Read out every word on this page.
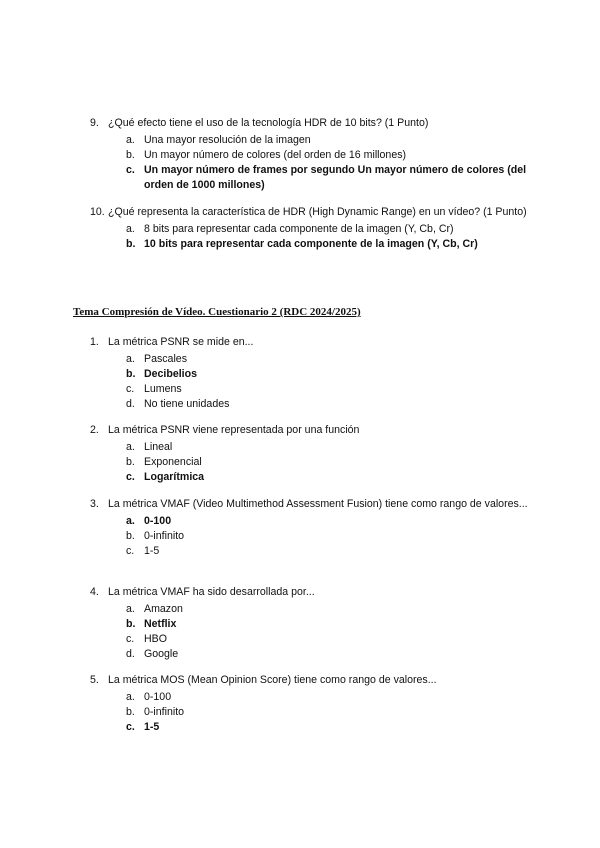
9. ¿Qué efecto tiene el uso de la tecnología HDR de 10 bits? (1 Punto)
a. Una mayor resolución de la imagen
b. Un mayor número de colores (del orden de 16 millones)
c. Un mayor número de frames por segundo Un mayor número de colores (del orden de 1000 millones)
10. ¿Qué representa la característica de HDR (High Dynamic Range) en un vídeo? (1 Punto)
a. 8 bits para representar cada componente de la imagen (Y, Cb, Cr)
b. 10 bits para representar cada componente de la imagen (Y, Cb, Cr)
Tema Compresión de Vídeo. Cuestionario 2 (RDC 2024/2025)
1. La métrica PSNR se mide en...
a. Pascales
b. Decibelios
c. Lumens
d. No tiene unidades
2. La métrica PSNR viene representada por una función
a. Lineal
b. Exponencial
c. Logarítmica
3. La métrica VMAF (Video Multimethod Assessment Fusion) tiene como rango de valores...
a. 0-100
b. 0-infinito
c. 1-5
4. La métrica VMAF ha sido desarrollada por...
a. Amazon
b. Netflix
c. HBO
d. Google
5. La métrica MOS (Mean Opinion Score) tiene como rango de valores...
a. 0-100
b. 0-infinito
c. 1-5
